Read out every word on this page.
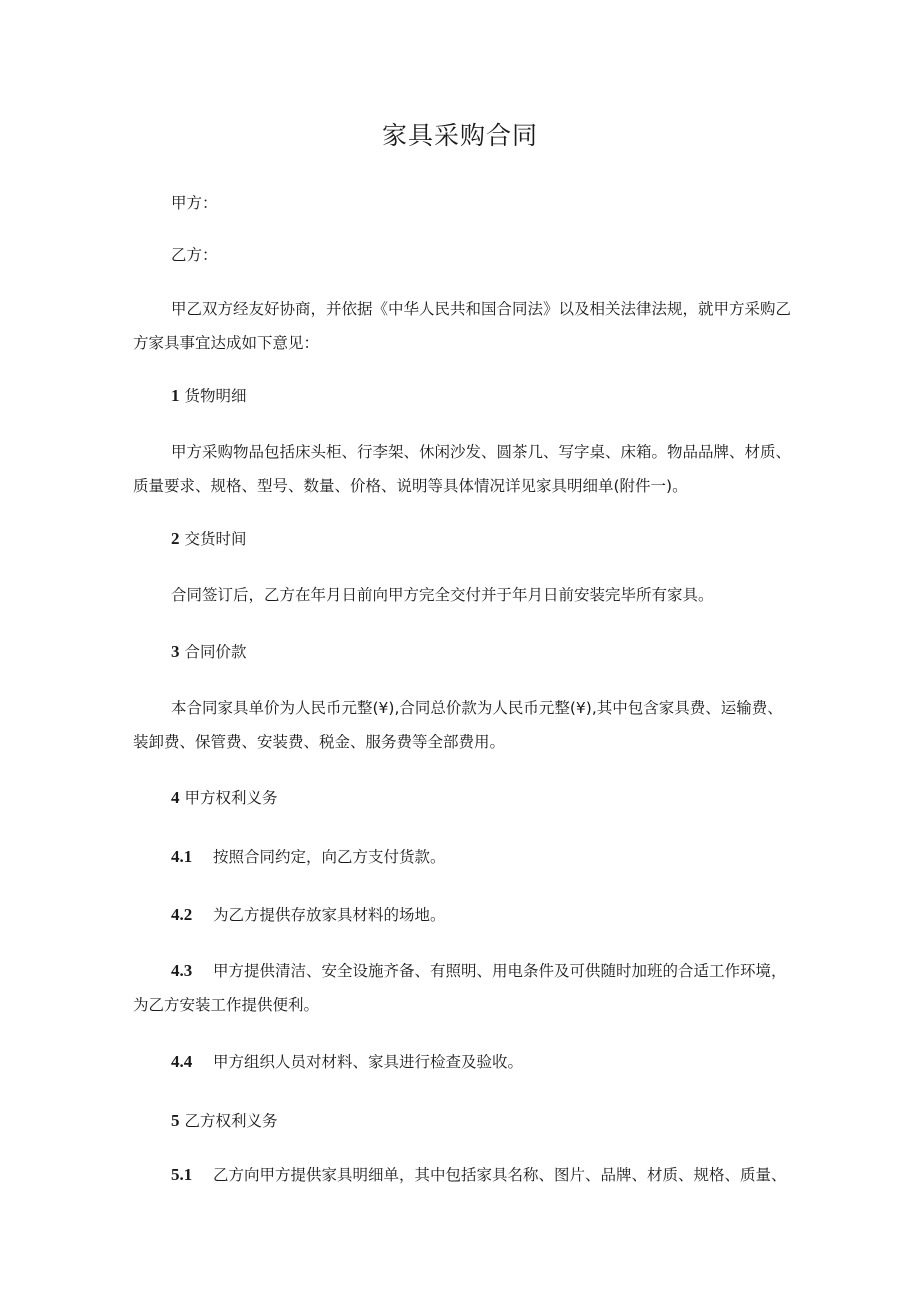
家具采购合同
甲方：
乙方：
甲乙双方经友好协商，并依据《中华人民共和国合同法》以及相关法律法规，就甲方采购乙方家具事宜达成如下意见：
1 货物明细
甲方采购物品包括床头柜、行李架、休闲沙发、圆茶几、写字桌、床箱。物品品牌、材质、质量要求、规格、型号、数量、价格、说明等具体情况详见家具明细单(附件一)。
2 交货时间
合同签订后，乙方在年月日前向甲方完全交付并于年月日前安装完毕所有家具。
3 合同价款
本合同家具单价为人民币元整(¥),合同总价款为人民币元整(¥),其中包含家具费、运输费、装卸费、保管费、安装费、税金、服务费等全部费用。
4 甲方权利义务
4.1 按照合同约定，向乙方支付货款。
4.2 为乙方提供存放家具材料的场地。
4.3 甲方提供清洁、安全设施齐备、有照明、用电条件及可供随时加班的合适工作环境，为乙方安装工作提供便利。
4.4 甲方组织人员对材料、家具进行检查及验收。
5 乙方权利义务
5.1 乙方向甲方提供家具明细单，其中包括家具名称、图片、品牌、材质、规格、质量、
